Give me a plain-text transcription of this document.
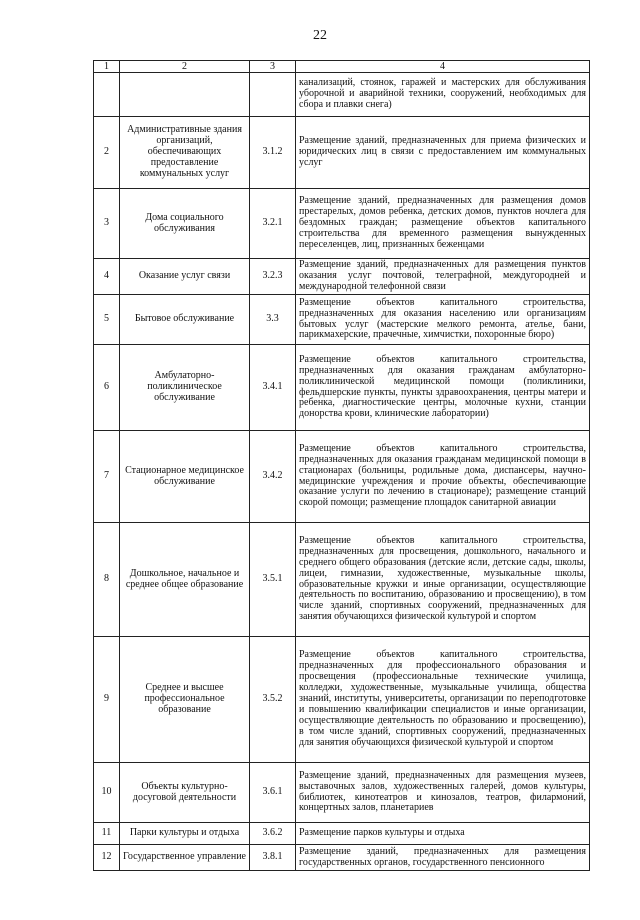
22
1	2	3	4
			канализаций, стоянок, гаражей и мастерских для обслуживания уборочной и аварийной техники, сооружений, необходимых для сбора и плавки снега)
2	Административные здания организаций, обеспечивающих предоставление коммунальных услуг	3.1.2	Размещение зданий, предназначенных для приема физических и юридических лиц в связи с предоставлением им коммунальных услуг
3	Дома социального обслуживания	3.2.1	Размещение зданий, предназначенных для размещения домов престарелых, домов ребенка, детских домов, пунктов ночлега для бездомных граждан; размещение объектов капитального строительства для временного размещения вынужденных переселенцев, лиц, признанных беженцами
4	Оказание услуг связи	3.2.3	Размещение зданий, предназначенных для размещения пунктов оказания услуг почтовой, телеграфной, междугородней и международной телефонной связи
5	Бытовое обслуживание	3.3	Размещение объектов капитального строительства, предназначенных для оказания населению или организациям бытовых услуг (мастерские мелкого ремонта, ателье, бани, парикмахерские, прачечные, химчистки, похоронные бюро)
6	Амбулаторно-поликлиническое обслуживание	3.4.1	Размещение объектов капитального строительства, предназначенных для оказания гражданам амбулаторно-поликлинической медицинской помощи (поликлиники, фельдшерские пункты, пункты здравоохранения, центры матери и ребенка, диагностические центры, молочные кухни, станции донорства крови, клинические лаборатории)
7	Стационарное медицинское обслуживание	3.4.2	Размещение объектов капитального строительства, предназначенных для оказания гражданам медицинской помощи в стационарах (больницы, родильные дома, диспансеры, научно-медицинские учреждения и прочие объекты, обеспечивающие оказание услуги по лечению в стационаре); размещение станций скорой помощи; размещение площадок санитарной авиации
8	Дошкольное, начальное и среднее общее образование	3.5.1	Размещение объектов капитального строительства, предназначенных для просвещения, дошкольного, начального и среднего общего образования (детские ясли, детские сады, школы, лицеи, гимназии, художественные, музыкальные школы, образовательные кружки и иные организации, осуществляющие деятельность по воспитанию, образованию и просвещению), в том числе зданий, спортивных сооружений, предназначенных для занятия обучающихся физической культурой и спортом
9	Среднее и высшее профессиональное образование	3.5.2	Размещение объектов капитального строительства, предназначенных для профессионального образования и просвещения (профессиональные технические училища, колледжи, художественные, музыкальные училища, общества знаний, институты, университеты, организации по переподготовке и повышению квалификации специалистов и иные организации, осуществляющие деятельность по образованию и просвещению), в том числе зданий, спортивных сооружений, предназначенных для занятия обучающихся физической культурой и спортом
10	Объекты культурно-досуговой деятельности	3.6.1	Размещение зданий, предназначенных для размещения музеев, выставочных залов, художественных галерей, домов культуры, библиотек, кинотеатров и кинозалов, театров, филармоний, концертных залов, планетариев
11	Парки культуры и отдыха	3.6.2	Размещение парков культуры и отдыха
12	Государственное управление	3.8.1	Размещение зданий, предназначенных для размещения государственных органов, государственного пенсионного
